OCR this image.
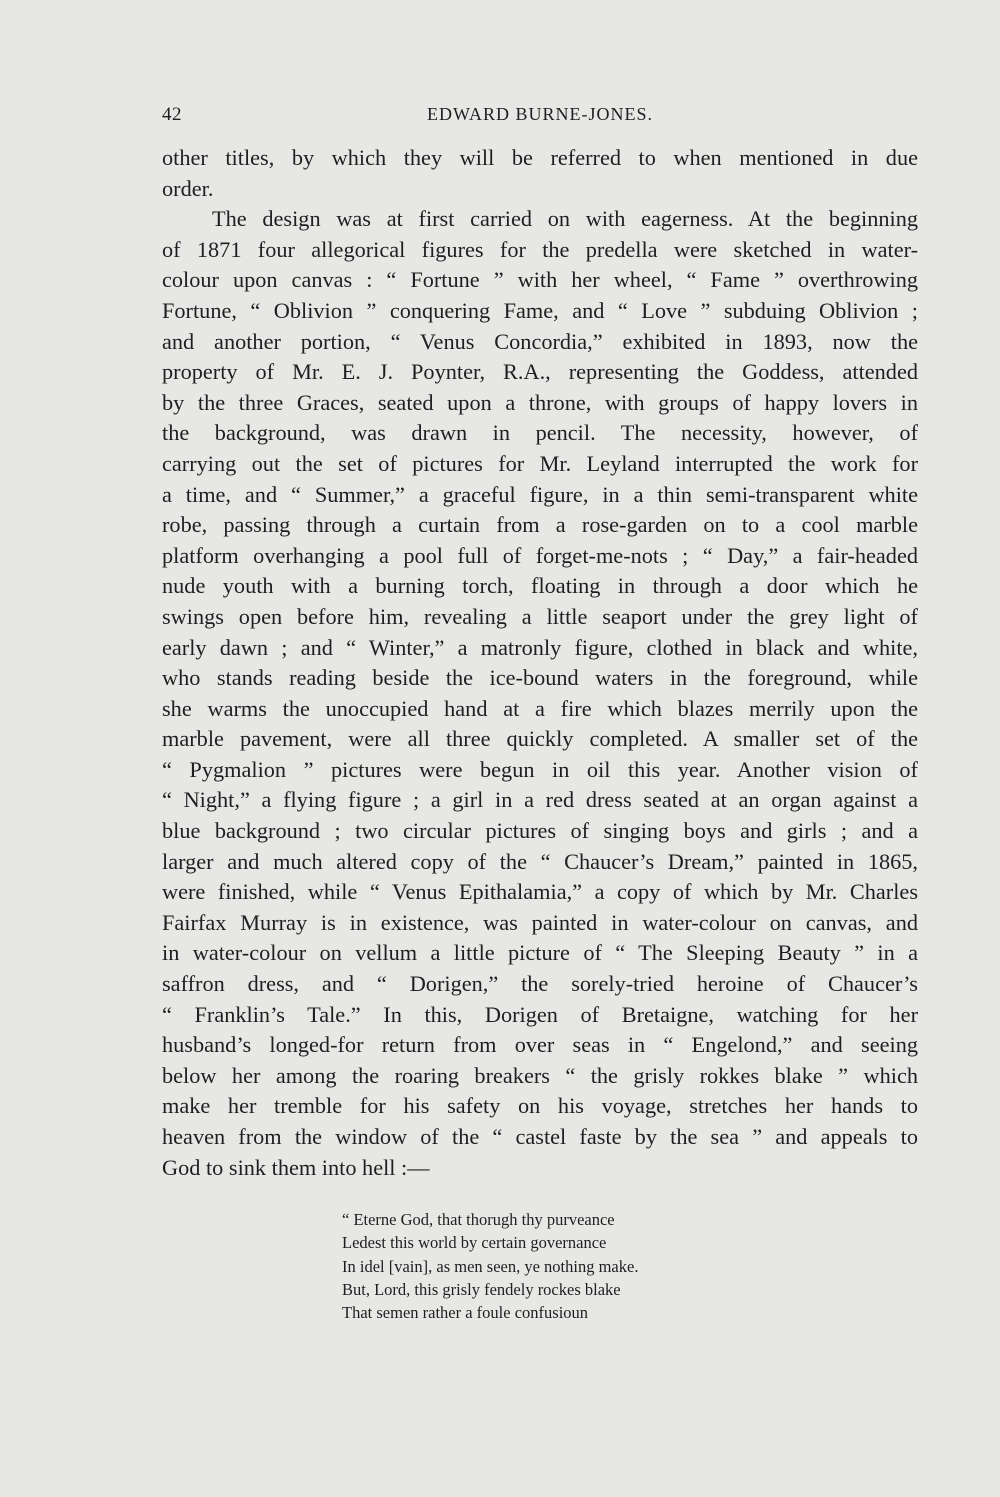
42	EDWARD BURNE-JONES.
other titles, by which they will be referred to when mentioned in due
order.
The design was at first carried on with eagerness. At the beginning
of 1871 four allegorical figures for the predella were sketched in water-
colour upon canvas : “ Fortune ” with her wheel, “ Fame ” overthrowing
Fortune, “ Oblivion ” conquering Fame, and “ Love ” subduing Oblivion ;
and another portion, “ Venus Concordia,” exhibited in 1893, now the
property of Mr. E. J. Poynter, R.A., representing the Goddess, attended
by the three Graces, seated upon a throne, with groups of happy lovers in
the background, was drawn in pencil. The necessity, however, of
carrying out the set of pictures for Mr. Leyland interrupted the work for
a time, and “ Summer,” a graceful figure, in a thin semi-transparent white
robe, passing through a curtain from a rose-garden on to a cool marble
platform overhanging a pool full of forget-me-nots ; “ Day,” a fair-headed
nude youth with a burning torch, floating in through a door which he
swings open before him, revealing a little seaport under the grey light of
early dawn ; and “ Winter,” a matronly figure, clothed in black and white,
who stands reading beside the ice-bound waters in the foreground, while
she warms the unoccupied hand at a fire which blazes merrily upon the
marble pavement, were all three quickly completed. A smaller set of the
“ Pygmalion ” pictures were begun in oil this year. Another vision of
“ Night,” a flying figure ; a girl in a red dress seated at an organ against a
blue background ; two circular pictures of singing boys and girls ; and a
larger and much altered copy of the “ Chaucer’s Dream,” painted in 1865,
were finished, while “ Venus Epithalamia,” a copy of which by Mr. Charles
Fairfax Murray is in existence, was painted in water-colour on canvas, and
in water-colour on vellum a little picture of “ The Sleeping Beauty ” in a
saffron dress, and “ Dorigen,” the sorely-tried heroine of Chaucer’s
“ Franklin’s Tale.” In this, Dorigen of Bretaigne, watching for her
husband’s longed-for return from over seas in “ Engelond,” and seeing
below her among the roaring breakers “ the grisly rokkes blake ” which
make her tremble for his safety on his voyage, stretches her hands to
heaven from the window of the “ castel faste by the sea ” and appeals to
God to sink them into hell :—
“ Eterne God, that thorugh thy purveance
Ledest this world by certain governance
In idel [vain], as men seen, ye nothing make.
But, Lord, this grisly fendely rockes blake
That semen rather a foule confusioun
